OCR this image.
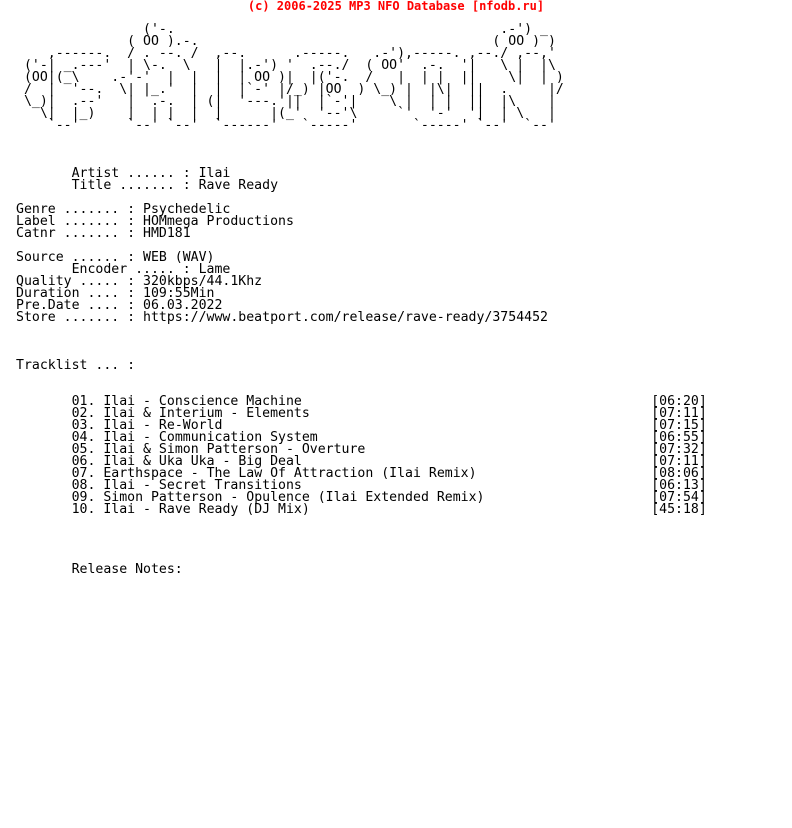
(c) 2006-2025 MP3 NFO Database [nfodb.ru]
('-.                                         .-') _
( OO ).-.                                     ( OO ) )
,------.  / . --. /  ,--.      .-----.   .-'),-----. ,--./ ,--,'
('-| _.---'  | \-.  \   |  |.-') '  .--./  ( OO'  .-.  '|   \ |  |\
(OO|(_\    .-'-'  |  |  |  | OO )|  |('-.  /   |  | |  ||    \|  | )
/  |  '--.  \| |_.'  |  |  |`-' |/_) |OO  ) \_) |  |\|  ||  .     |/
\_)|  .--'   |  .-.  | (|  '---.'||  |`-'|    \ |  | |  ||  |\    |
\|  |_)    |  | |  |  |      |(_'  '--'\     `'  '-'  '|  | \   |
`--'      `--' `--'  `------'   `-----'       `-----' `--'  `--'
Artist ...... : Ilai
Title ....... : Rave Ready
Genre ....... : Psychedelic
Label ....... : HOMmega Productions
Catnr ....... : HMD181
Source ...... : WEB (WAV)
Encoder ..... : Lame
Quality ..... : 320kbps/44.1Khz
Duration .... : 109:55Min
Pre.Date .... : 06.03.2022
Store ....... : https://www.beatport.com/release/rave-ready/3754452
Tracklist ... :
01. Ilai - Conscience Machine	[06:20]
02. Ilai & Interium - Elements	[07:11]
03. Ilai - Re-World	[07:15]
04. Ilai - Communication System	[06:55]
05. Ilai & Simon Patterson - Overture	[07:32]
06. Ilai & Uka Uka - Big Deal	[07:11]
07. Earthspace - The Law Of Attraction (Ilai Remix)	[08:06]
08. Ilai - Secret Transitions	[06:13]
09. Simon Patterson - Opulence (Ilai Extended Remix)	[07:54]
10. Ilai - Rave Ready (DJ Mix)	[45:18]
Release Notes:
